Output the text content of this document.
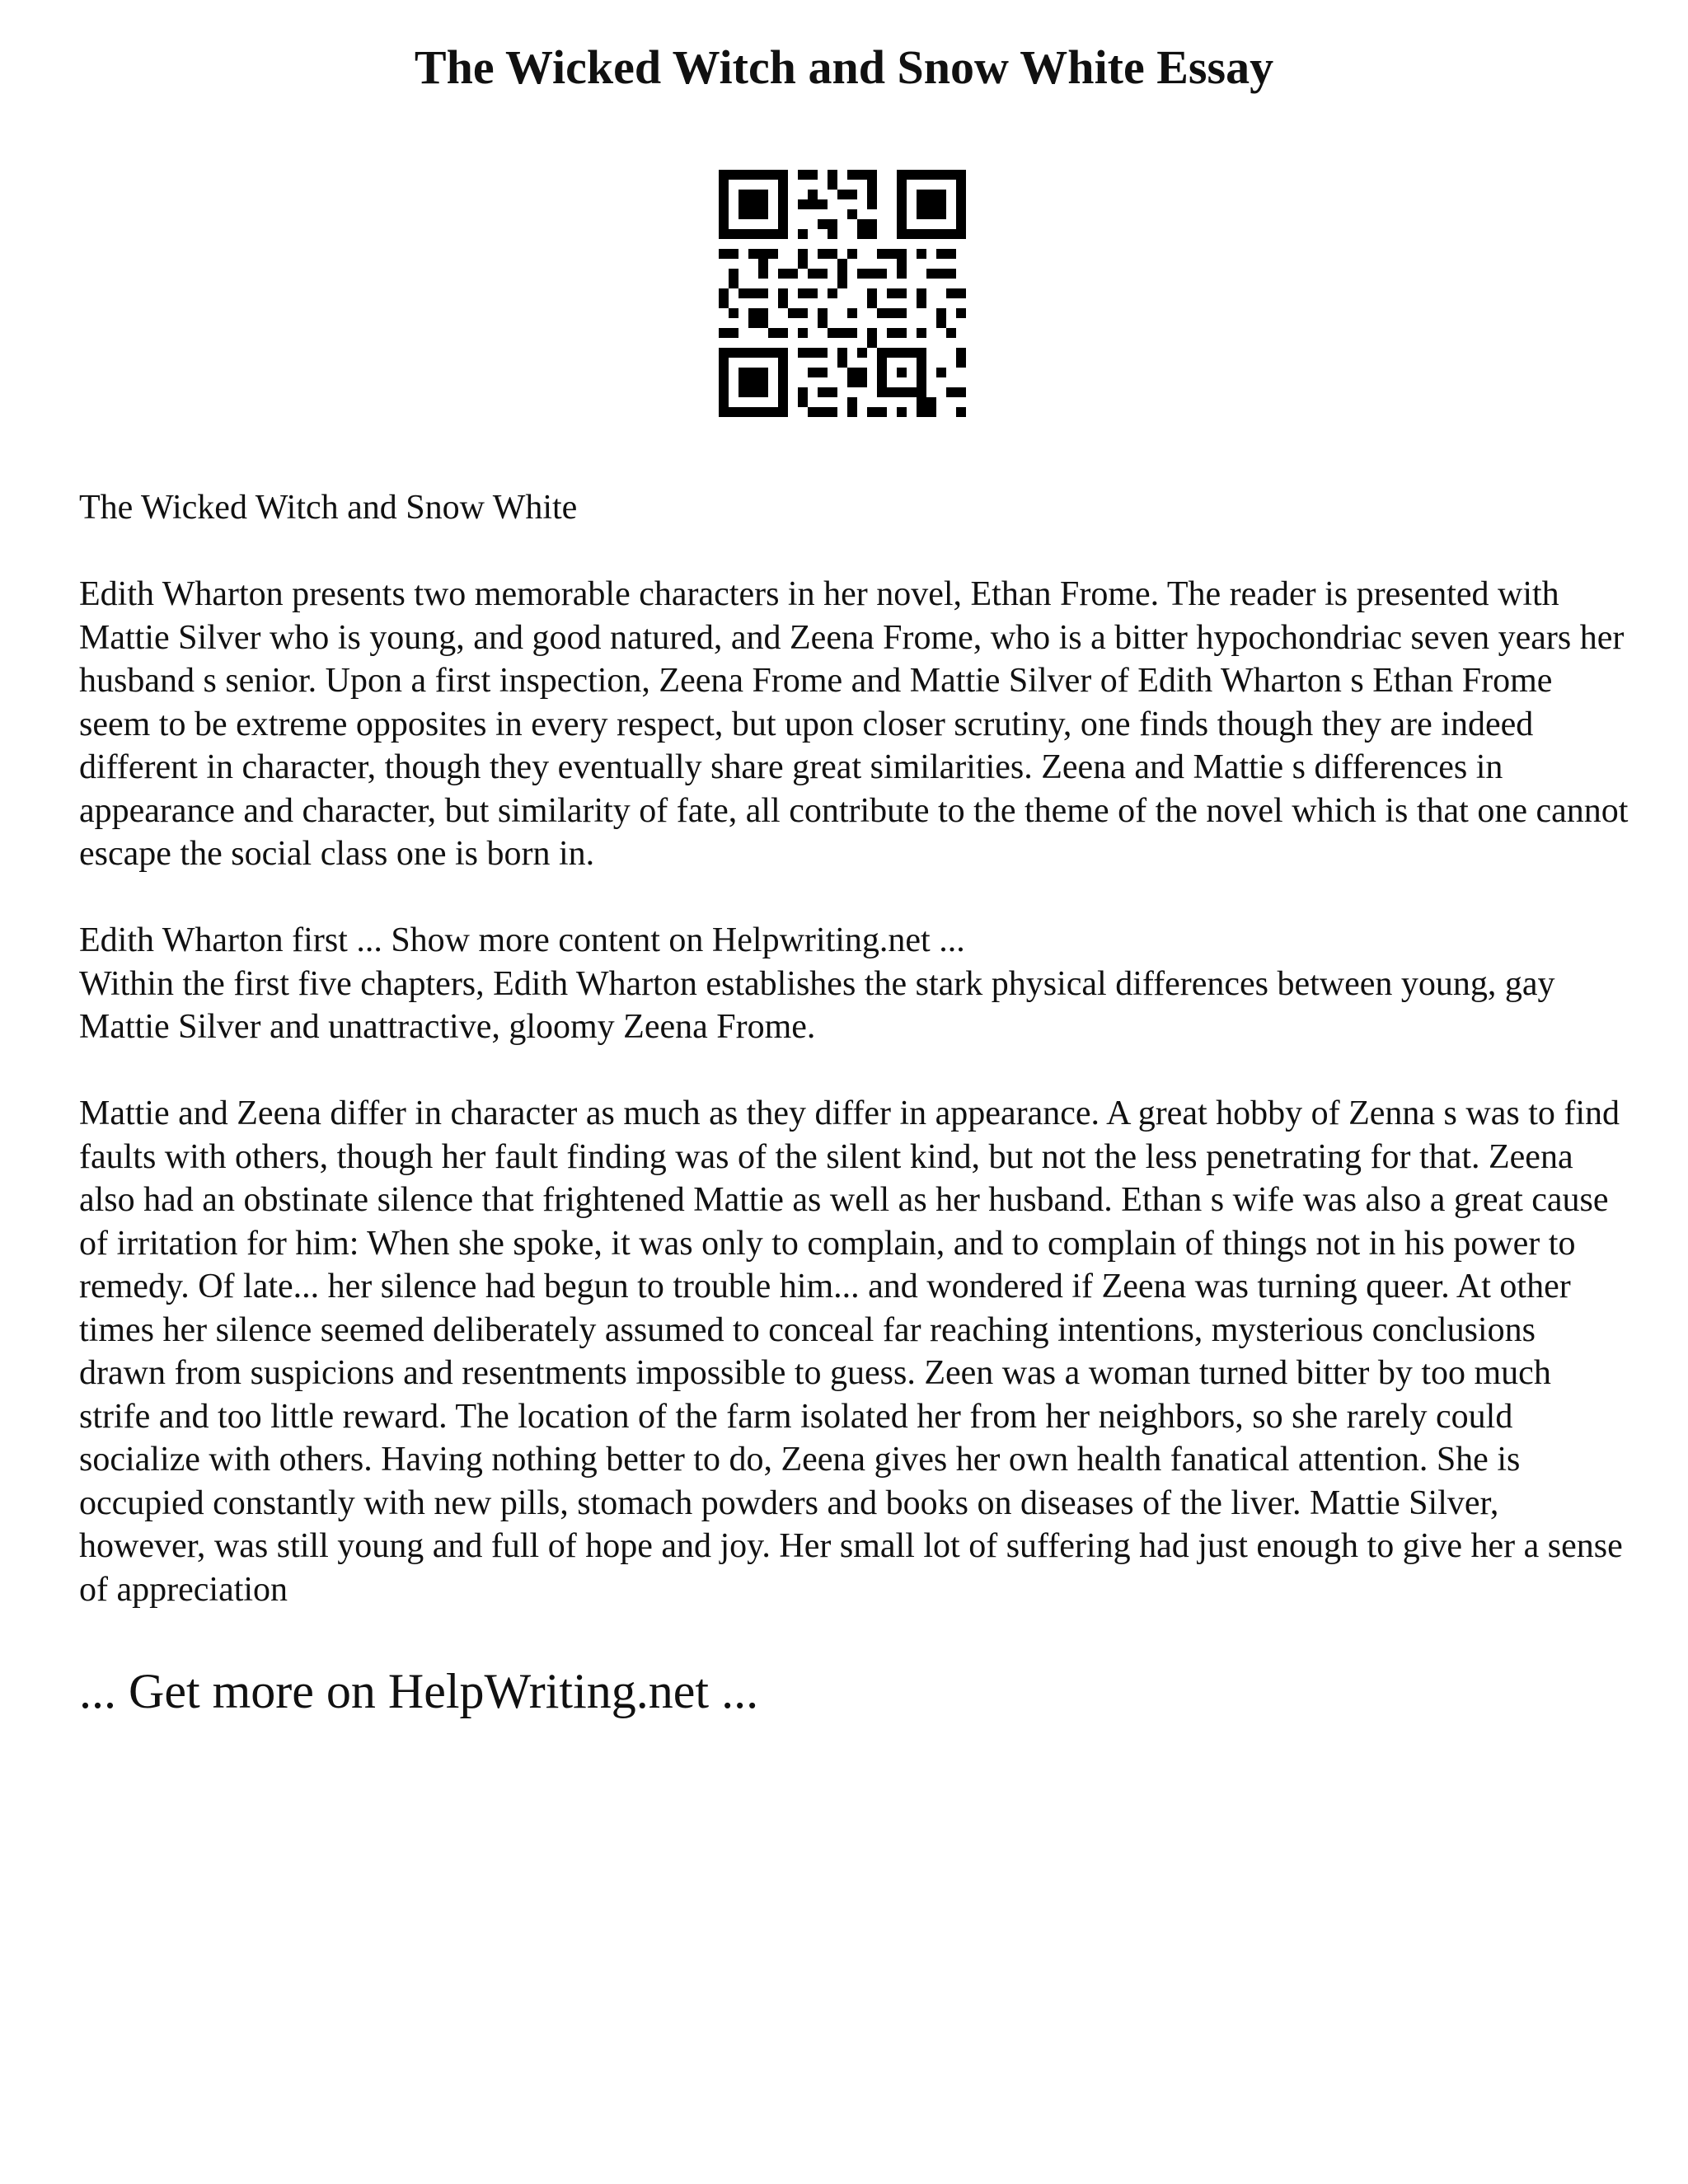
The Wicked Witch and Snow White Essay

The Wicked Witch and Snow White

Edith Wharton presents two memorable characters in her novel, Ethan Frome. The reader is presented with Mattie Silver who is young, and good natured, and Zeena Frome, who is a bitter hypochondriac seven years her husband s senior. Upon a first inspection, Zeena Frome and Mattie Silver of Edith Wharton s Ethan Frome seem to be extreme opposites in every respect, but upon closer scrutiny, one finds though they are indeed different in character, though they eventually share great similarities. Zeena and Mattie s differences in appearance and character, but similarity of fate, all contribute to the theme of the novel which is that one cannot escape the social class one is born in.

Edith Wharton first ... Show more content on Helpwriting.net ...
Within the first five chapters, Edith Wharton establishes the stark physical differences between young, gay Mattie Silver and unattractive, gloomy Zeena Frome.

Mattie and Zeena differ in character as much as they differ in appearance. A great hobby of Zenna s was to find faults with others, though her fault finding was of the silent kind, but not the less penetrating for that. Zeena also had an obstinate silence that frightened Mattie as well as her husband. Ethan s wife was also a great cause of irritation for him: When she spoke, it was only to complain, and to complain of things not in his power to remedy. Of late... her silence had begun to trouble him... and wondered if Zeena was turning queer. At other times her silence seemed deliberately assumed to conceal far reaching intentions, mysterious conclusions drawn from suspicions and resentments impossible to guess. Zeen was a woman turned bitter by too much strife and too little reward. The location of the farm isolated her from her neighbors, so she rarely could socialize with others. Having nothing better to do, Zeena gives her own health fanatical attention. She is occupied constantly with new pills, stomach powders and books on diseases of the liver. Mattie Silver, however, was still young and full of hope and joy. Her small lot of suffering had just enough to give her a sense of appreciation

... Get more on HelpWriting.net ...
